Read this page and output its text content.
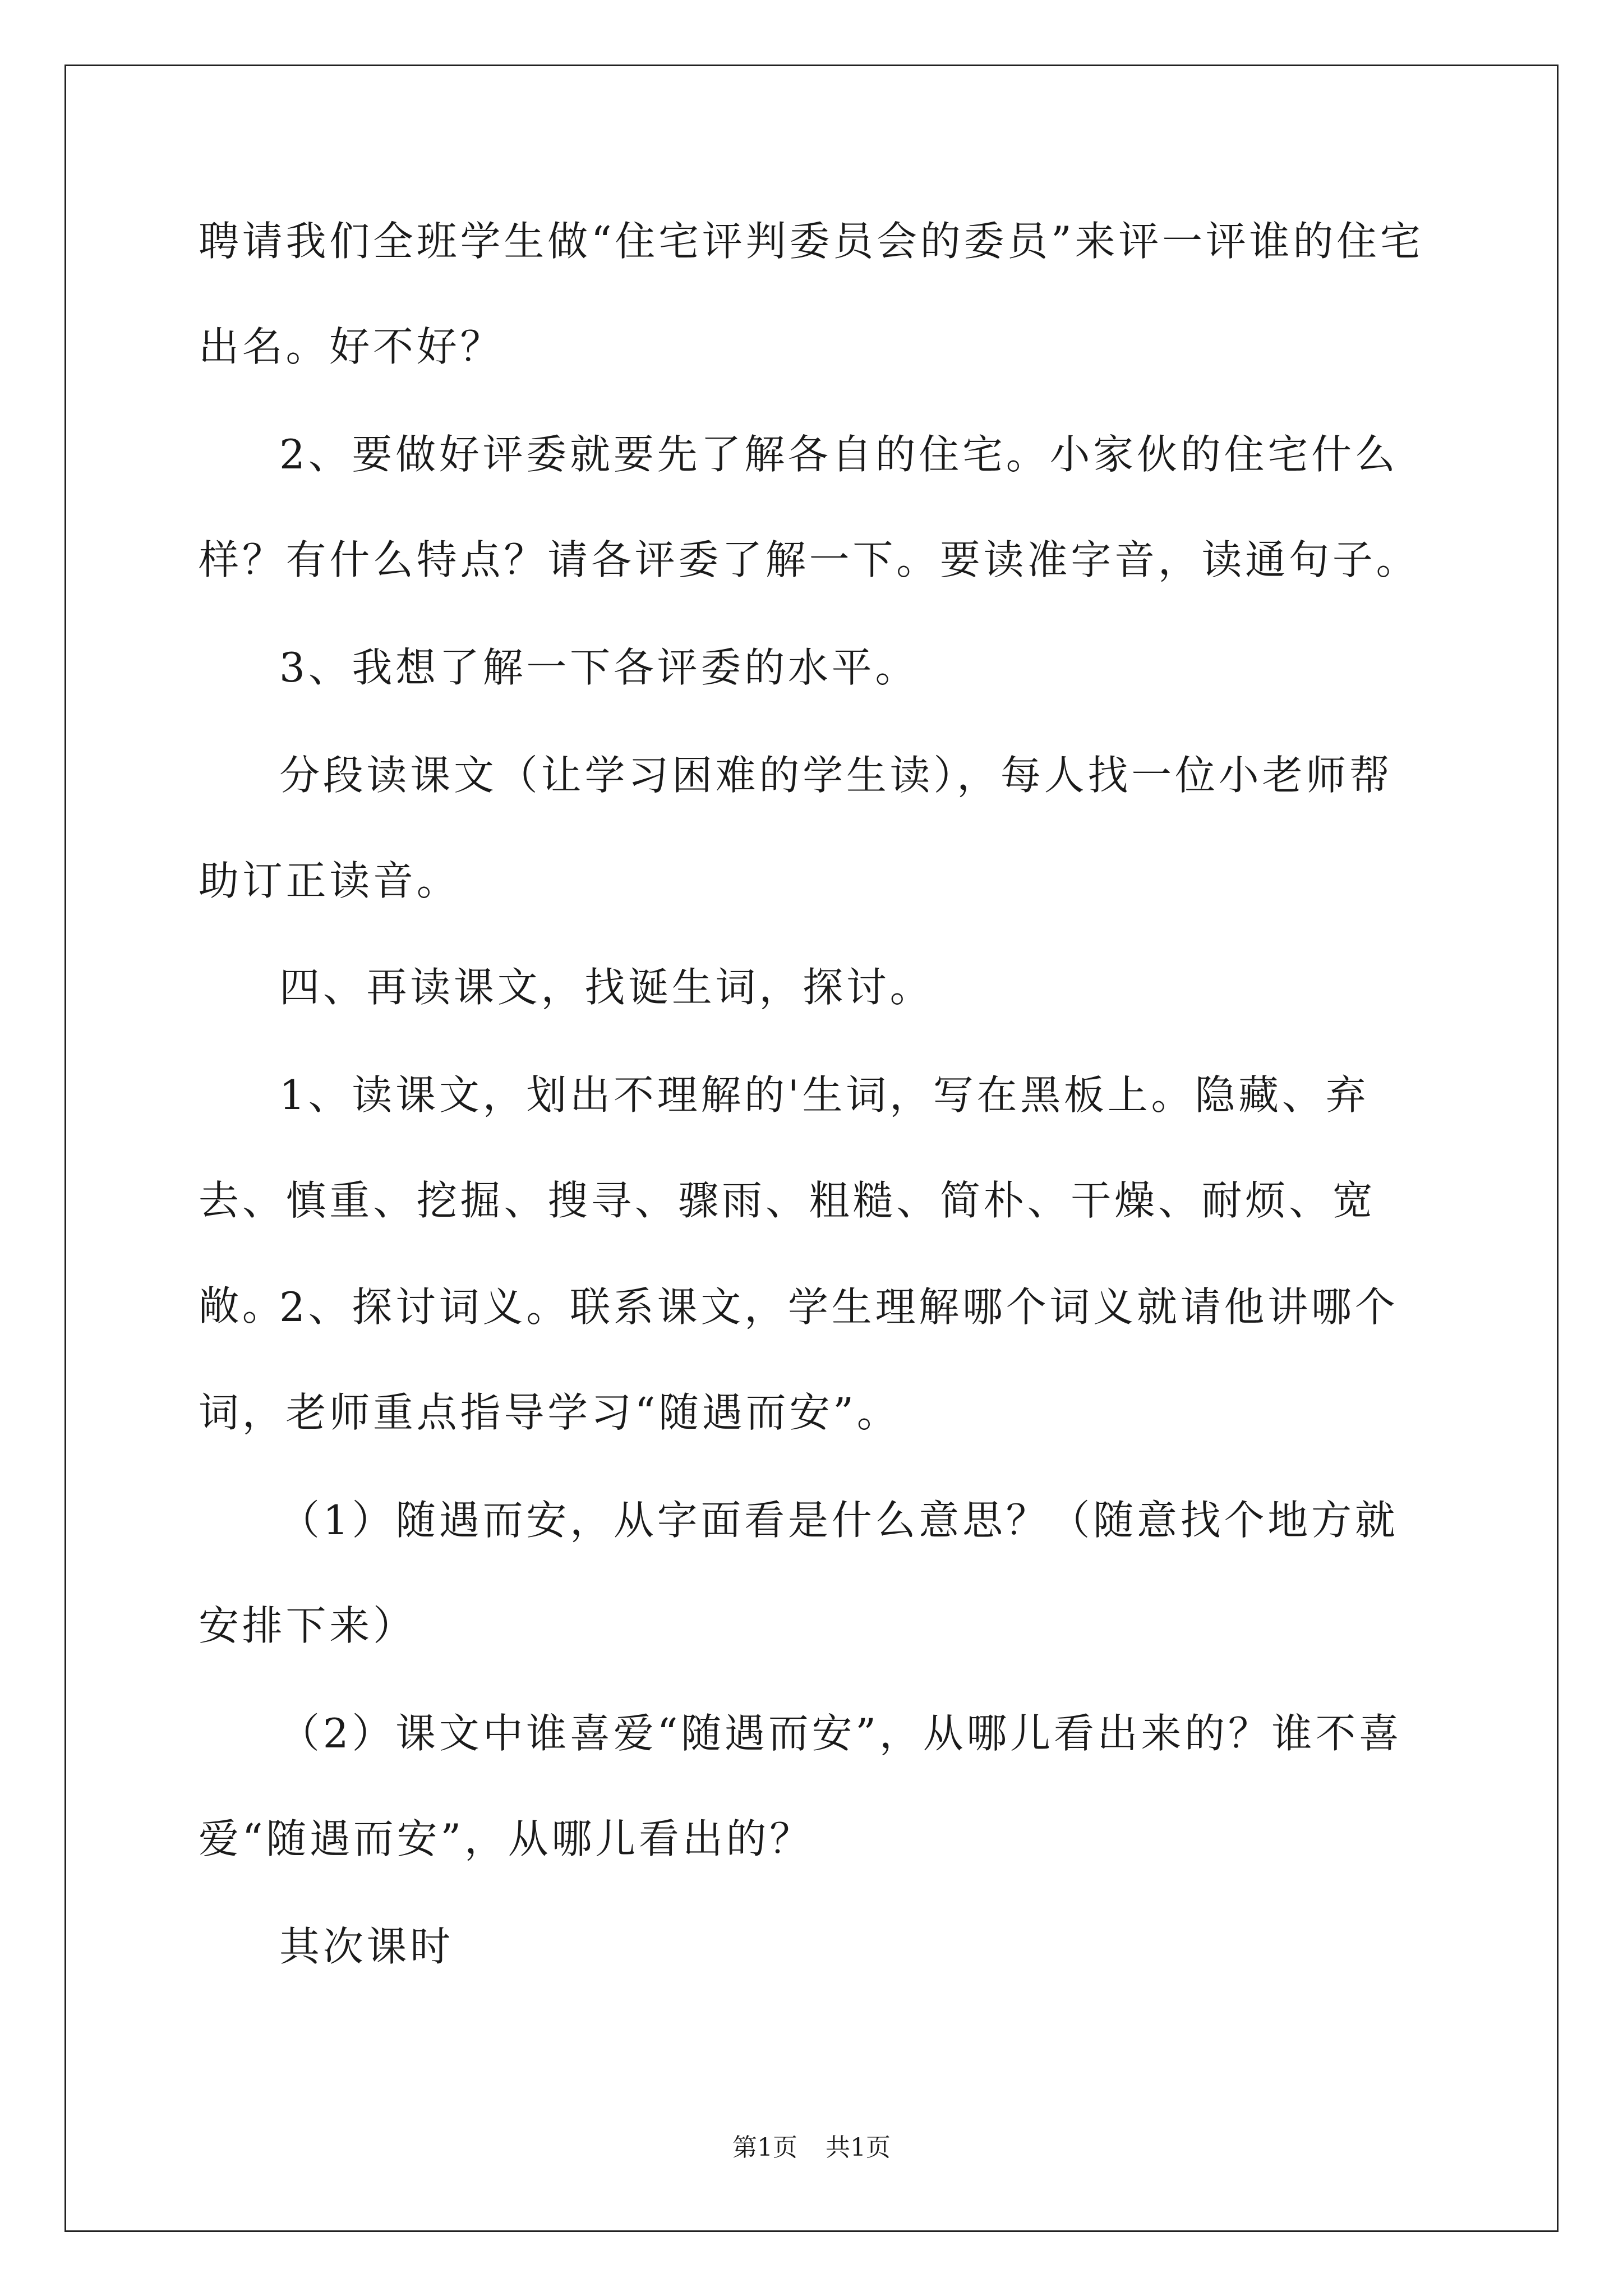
聘请我们全班学生做“住宅评判委员会的委员”来评一评谁的住宅出名。好不好？

2、要做好评委就要先了解各自的住宅。小家伙的住宅什么样？有什么特点？请各评委了解一下。要读准字音，读通句子。

3、我想了解一下各评委的水平。

分段读课文（让学习困难的学生读），每人找一位小老师帮助订正读音。

四、再读课文，找诞生词，探讨。

1、读课文，划出不理解的'生词，写在黑板上。隐藏、弃去、慎重、挖掘、搜寻、骤雨、粗糙、简朴、干燥、耐烦、宽敞。

2、探讨词义。联系课文，学生理解哪个词义就请他讲哪个词，老师重点指导学习“随遇而安”。

（1）随遇而安，从字面看是什么意思？（随意找个地方就安排下来）

（2）课文中谁喜爱“随遇而安”，从哪儿看出来的？谁不喜爱“随遇而安”，从哪儿看出的？

其次课时

第1页 共1页
